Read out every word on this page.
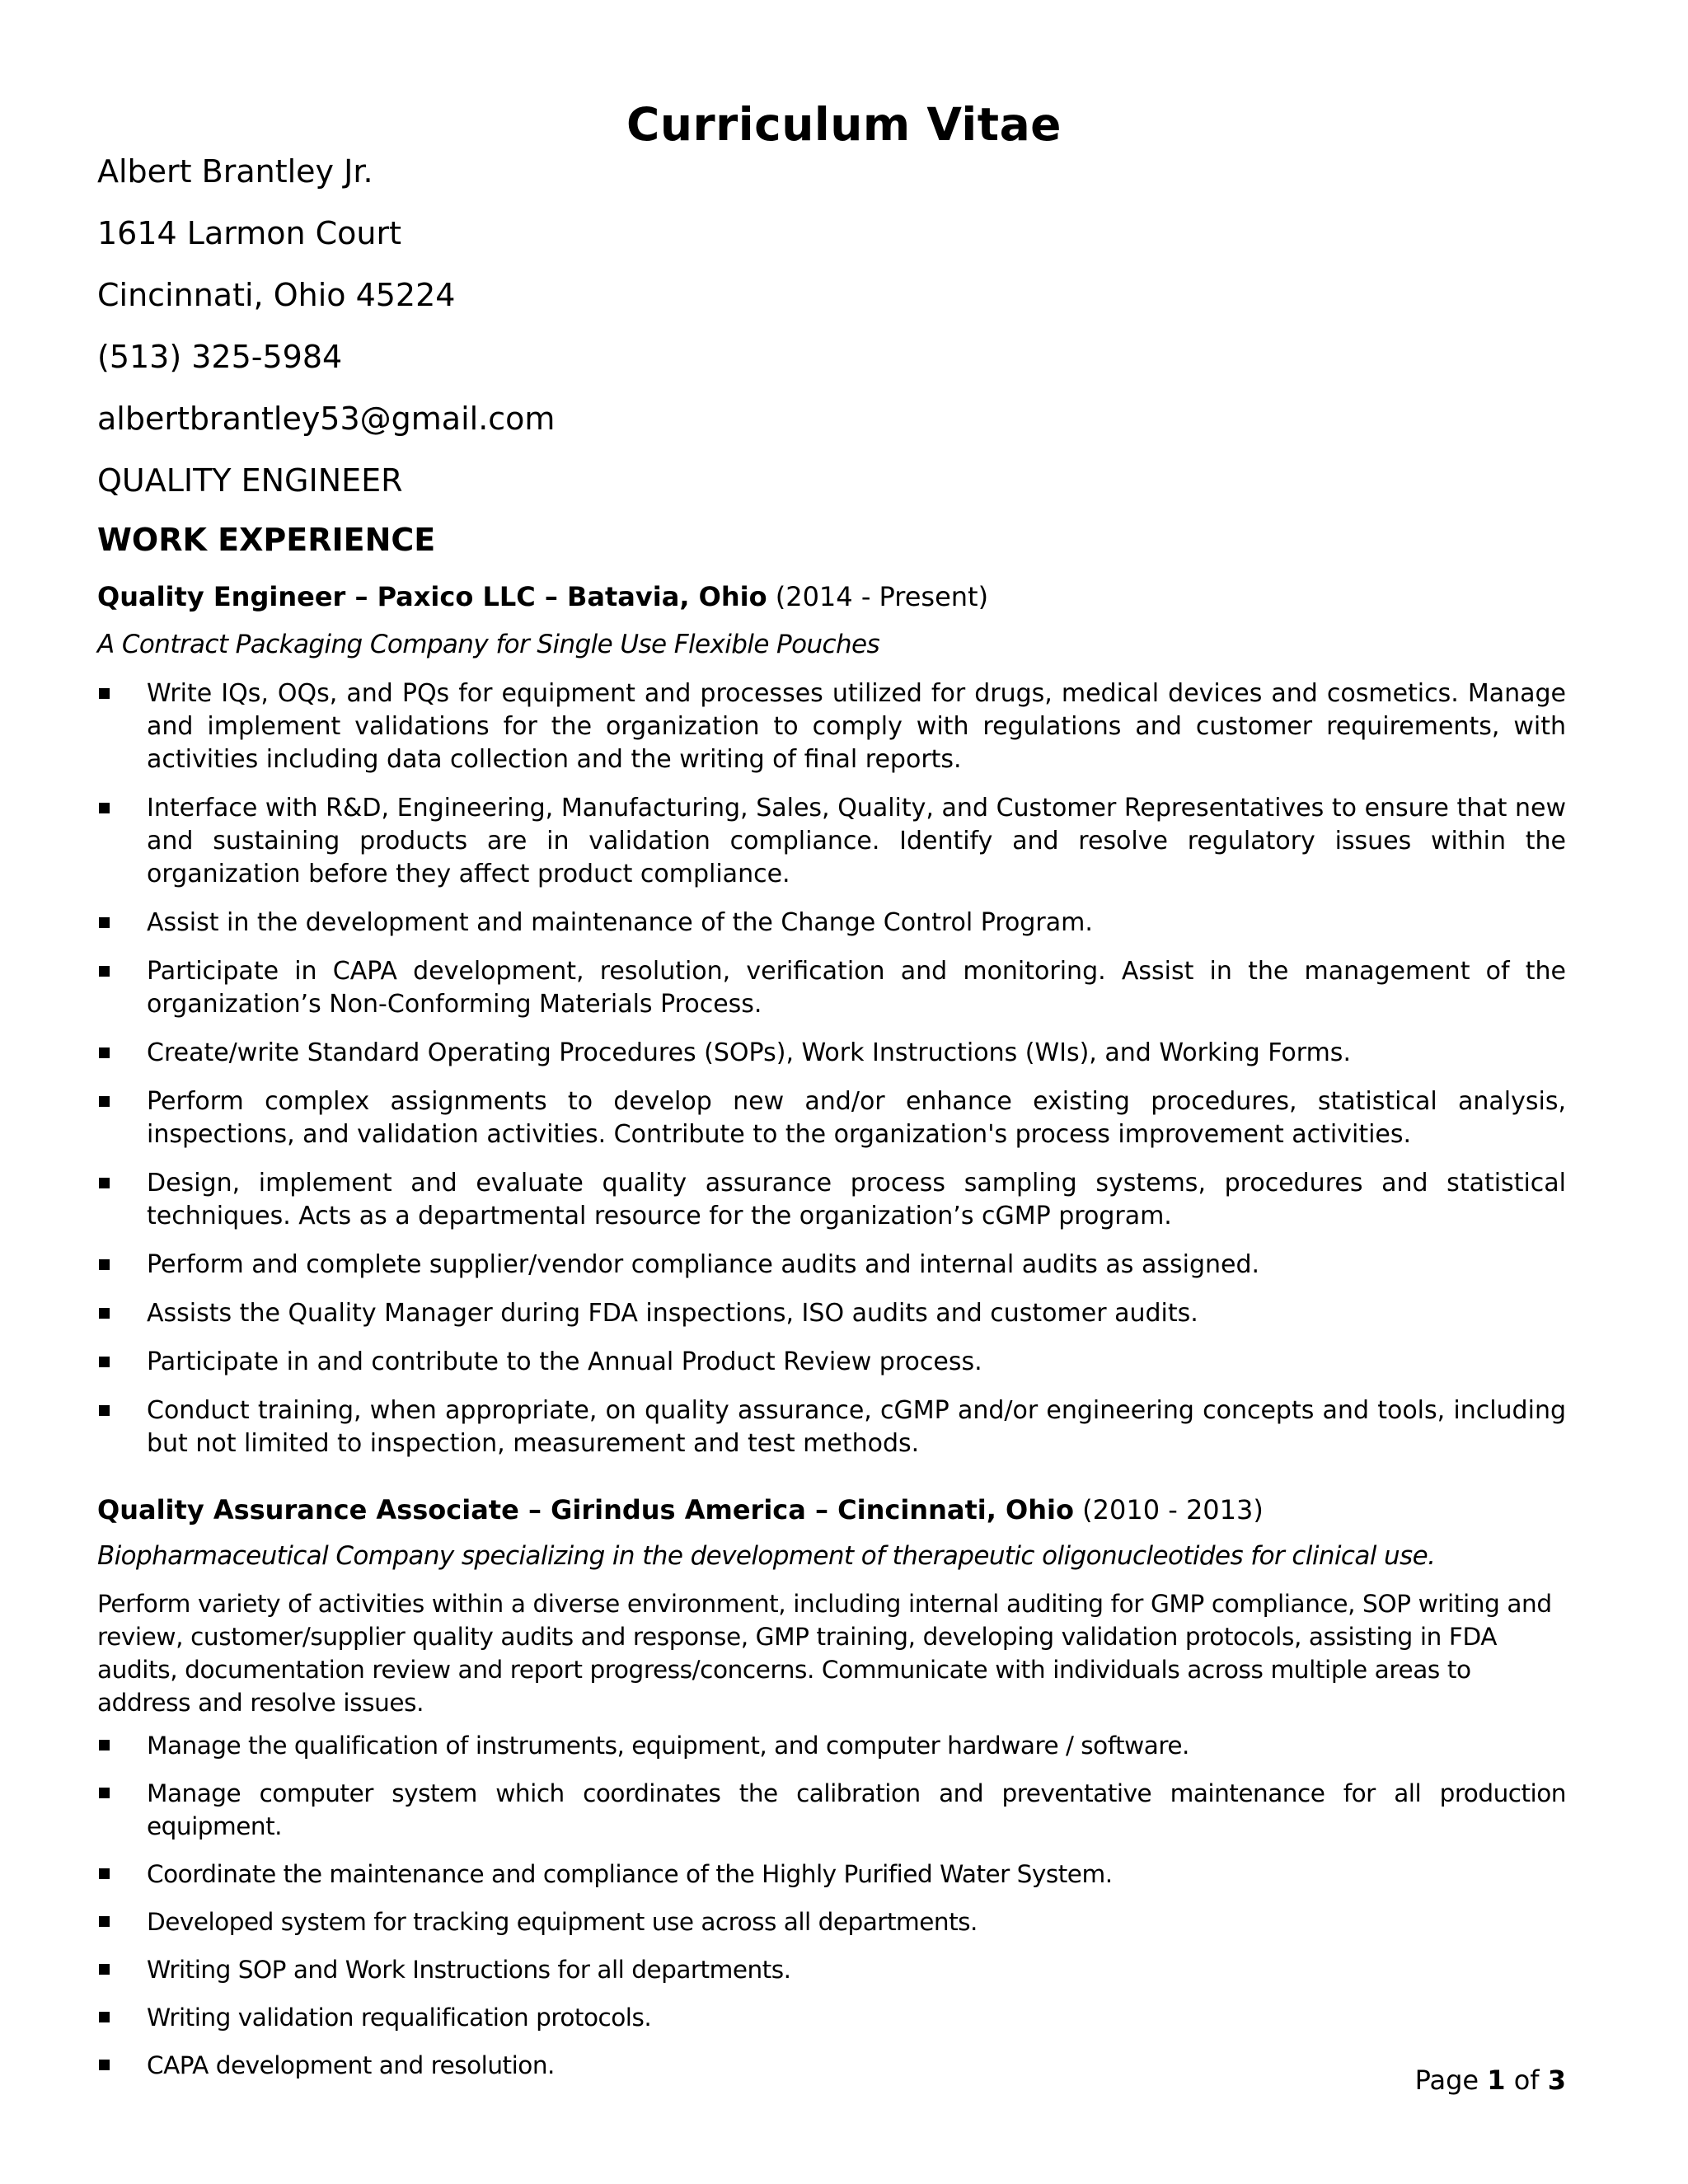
Curriculum Vitae
Albert Brantley Jr.
1614 Larmon Court
Cincinnati, Ohio 45224
(513) 325-5984
albertbrantley53@gmail.com
QUALITY ENGINEER
WORK EXPERIENCE
Quality Engineer – Paxico LLC – Batavia, Ohio (2014 - Present)
A Contract Packaging Company for Single Use Flexible Pouches
Write IQs, OQs, and PQs for equipment and processes utilized for drugs, medical devices and cosmetics. Manage and implement validations for the organization to comply with regulations and customer requirements, with activities including data collection and the writing of final reports.
Interface with R&D, Engineering, Manufacturing, Sales, Quality, and Customer Representatives to ensure that new and sustaining products are in validation compliance. Identify and resolve regulatory issues within the organization before they affect product compliance.
Assist in the development and maintenance of the Change Control Program.
Participate in CAPA development, resolution, verification and monitoring. Assist in the management of the organization’s Non-Conforming Materials Process.
Create/write Standard Operating Procedures (SOPs), Work Instructions (WIs), and Working Forms.
Perform complex assignments to develop new and/or enhance existing procedures, statistical analysis, inspections, and validation activities. Contribute to the organization's process improvement activities.
Design, implement and evaluate quality assurance process sampling systems, procedures and statistical techniques. Acts as a departmental resource for the organization’s cGMP program.
Perform and complete supplier/vendor compliance audits and internal audits as assigned.
Assists the Quality Manager during FDA inspections, ISO audits and customer audits.
Participate in and contribute to the Annual Product Review process.
Conduct training, when appropriate, on quality assurance, cGMP and/or engineering concepts and tools, including but not limited to inspection, measurement and test methods.
Quality Assurance Associate – Girindus America – Cincinnati, Ohio (2010 - 2013)
Biopharmaceutical Company specializing in the development of therapeutic oligonucleotides for clinical use.
Perform variety of activities within a diverse environment, including internal auditing for GMP compliance, SOP writing and review, customer/supplier quality audits and response, GMP training, developing validation protocols, assisting in FDA audits, documentation review and report progress/concerns. Communicate with individuals across multiple areas to address and resolve issues.
Manage the qualification of instruments, equipment, and computer hardware / software.
Manage computer system which coordinates the calibration and preventative maintenance for all production equipment.
Coordinate the maintenance and compliance of the Highly Purified Water System.
Developed system for tracking equipment use across all departments.
Writing SOP and Work Instructions for all departments.
Writing validation requalification protocols.
CAPA development and resolution.	Page 1 of 3
